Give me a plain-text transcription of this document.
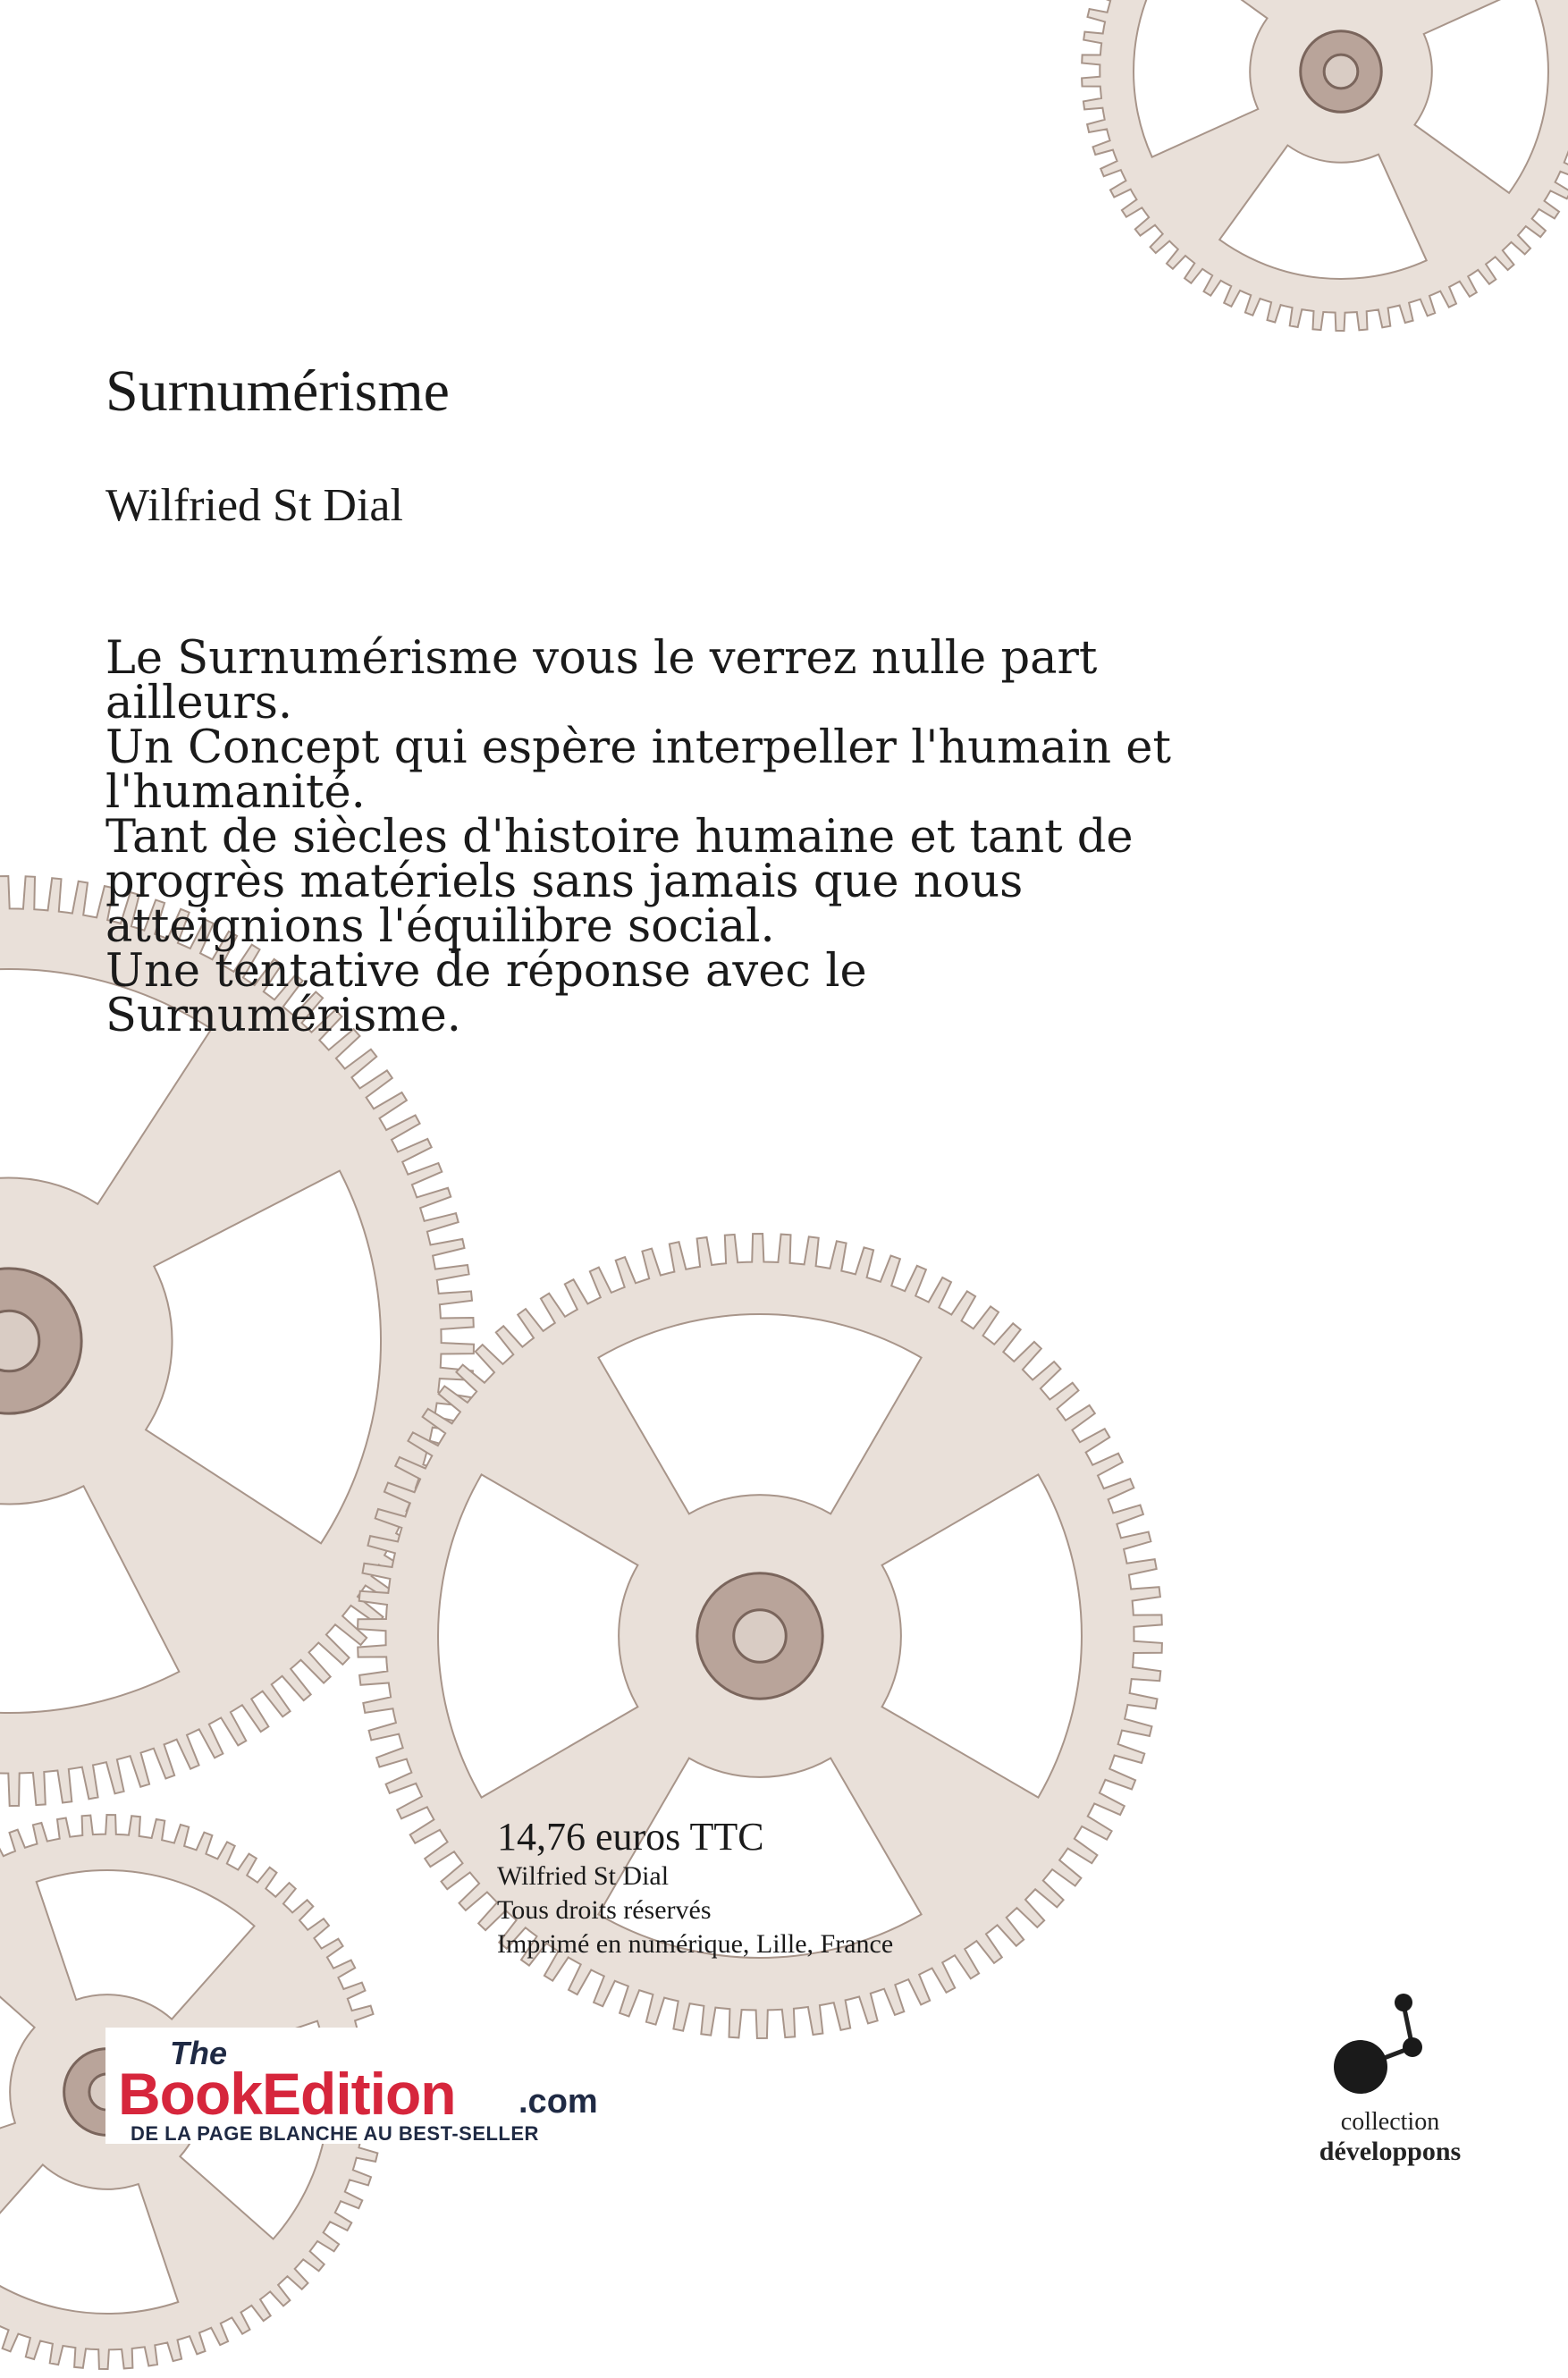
Surnumérisme
Wilfried St Dial
Le Surnumérisme vous le verrez nulle part
ailleurs.
Un Concept qui espère interpeller l'humain et
l'humanité.
Tant de siècles d'histoire humaine et tant de
progrès matériels sans jamais que nous
atteignions l'équilibre social.
Une tentative de réponse avec le
Surnumérisme.
14,76 euros TTC
Wilfried St Dial
Tous droits réservés
Imprimé en numérique, Lille, France
The
BookEdition .com
DE LA PAGE BLANCHE AU BEST-SELLER	collection
développons
